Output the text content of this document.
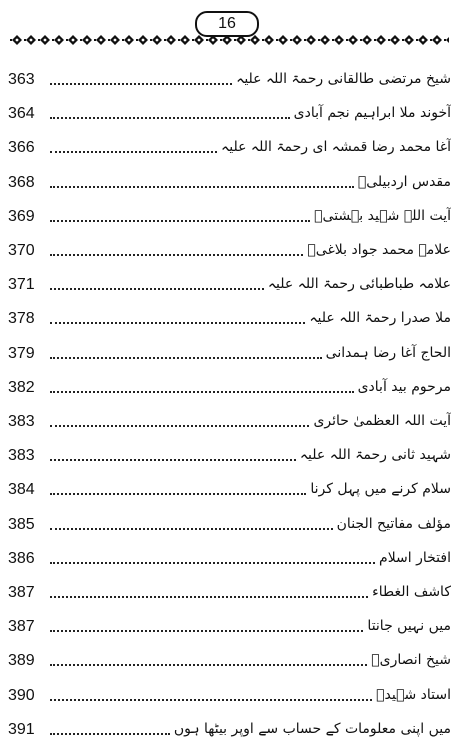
16
363	شیخ مرتضی طالقانی رحمۃ اللہ علیہ
364	آخوند ملا ابراہیم نجم آبادی
366	آغا محمد رضا قمشہ ای رحمۃ اللہ علیہ
368	مقدس اردبیلیؒ
369	آیت اللہ شہید بہشتیؒ
370	علامہ محمد جواد بلاغیؒ
371	علامہ طباطبائی رحمۃ اللہ علیہ
378	ملا صدرا رحمۃ اللہ علیہ
379	الحاج آغا رضا ہمدانی
382	مرحوم بید آبادی
383	آیت اللہ العظمیٰ حائری
383	شہید ثانی رحمۃ اللہ علیہ
384	سلام کرنے میں پہل کرنا
385	مؤلف مفاتیح الجنان
386	افتخار اسلام
387	کاشف الغطاء
387	میں نہیں جانتا
389	شیخ انصاریؒ
390	استاد شہیدؒ
391	میں اپنی معلومات کے حساب سے اوپر بیٹھا ہوں
